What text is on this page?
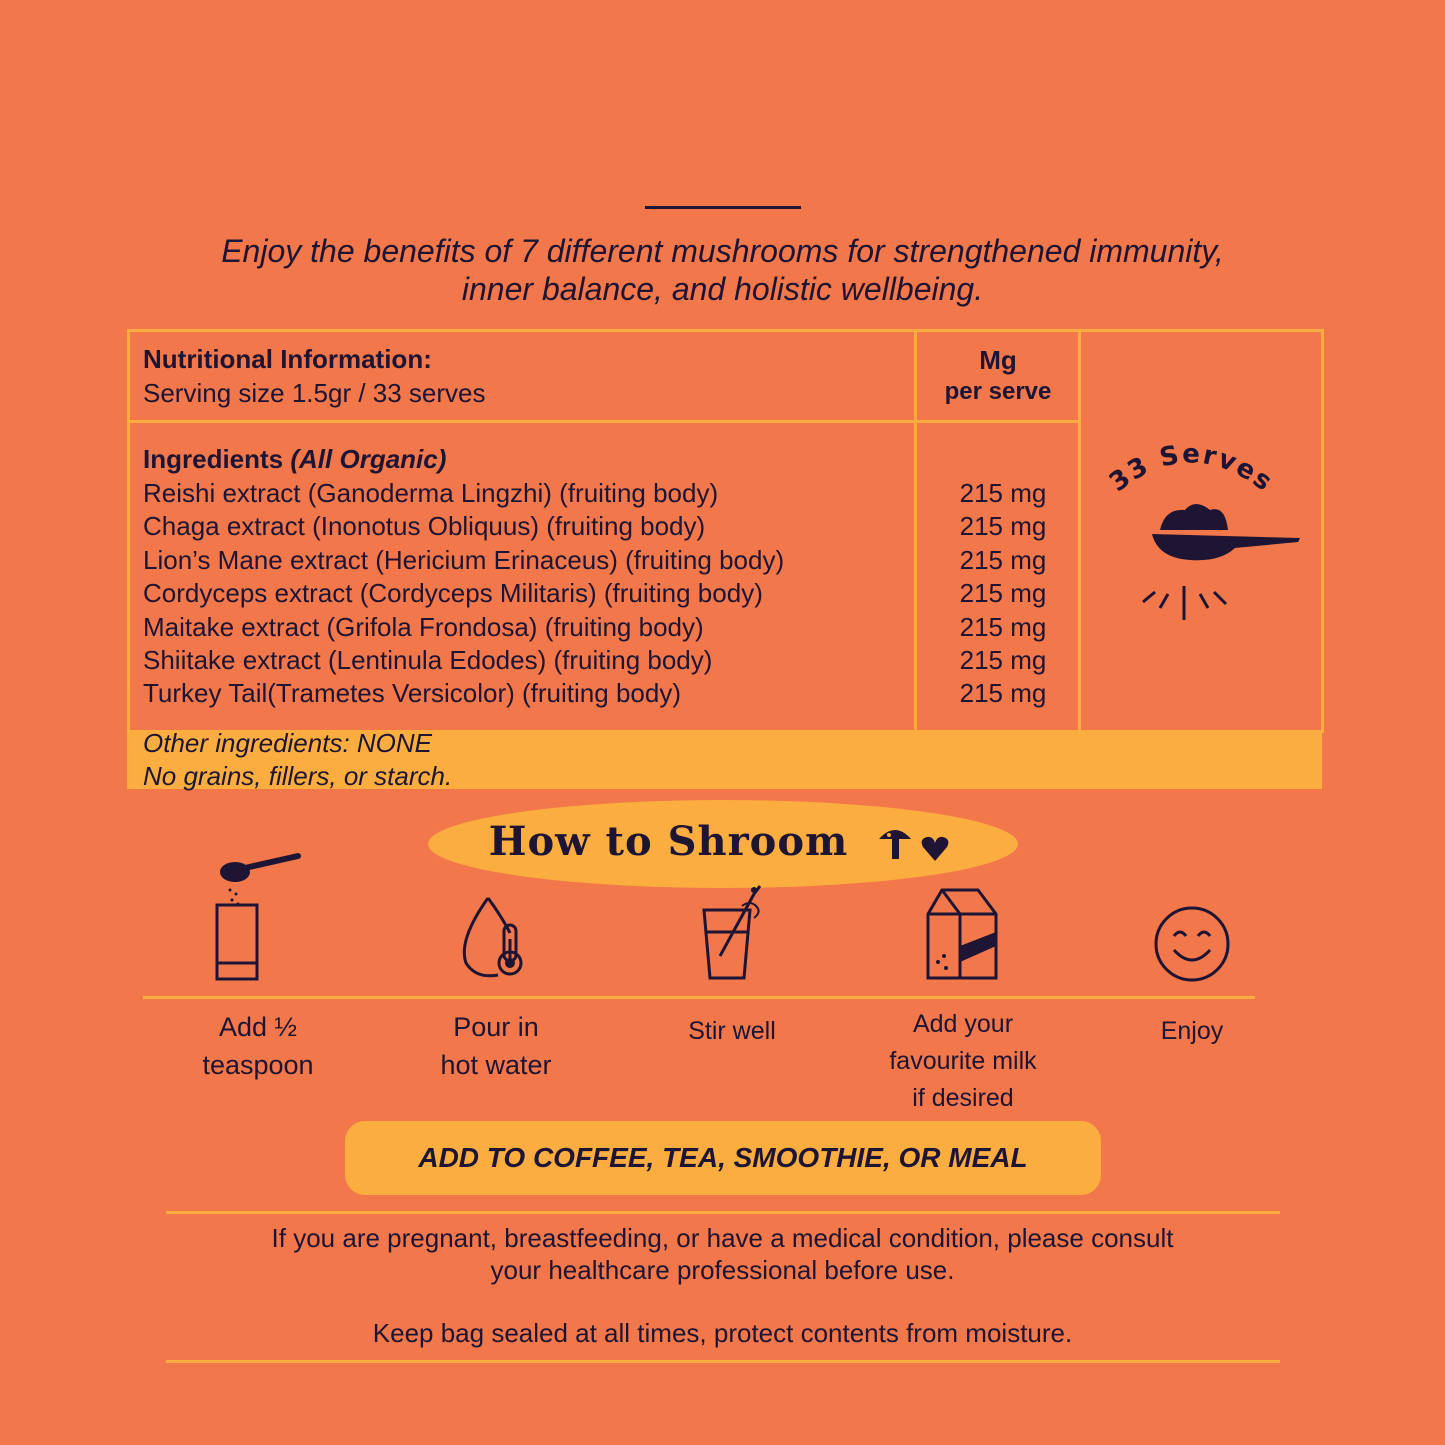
Enjoy the benefits of 7 different mushrooms for strengthened immunity,
inner balance, and holistic wellbeing.
Nutritional Information:
Serving size 1.5gr / 33 serves
Mg
per serve
Ingredients (All Organic)
Reishi extract (Ganoderma Lingzhi) (fruiting body)
Chaga extract (Inonotus Obliquus) (fruiting body)
Lion’s Mane extract (Hericium Erinaceus) (fruiting body)
Cordyceps extract (Cordyceps Militaris) (fruiting body)
Maitake extract (Grifola Frondosa) (fruiting body)
Shiitake extract (Lentinula Edodes) (fruiting body)
Turkey Tail(Trametes Versicolor) (fruiting body)
215 mg
215 mg
215 mg
215 mg
215 mg
215 mg
215 mg
Other ingredients: NONE
No grains, fillers, or starch.
33 Serves
How to Shroom
Add ½
teaspoon
Pour in
hot water
Stir well	Add your
favourite milk
if desired
Enjoy
ADD TO COFFEE, TEA, SMOOTHIE, OR MEAL
If you are pregnant, breastfeeding, or have a medical condition, please consult
your healthcare professional before use.
Keep bag sealed at all times, protect contents from moisture.
